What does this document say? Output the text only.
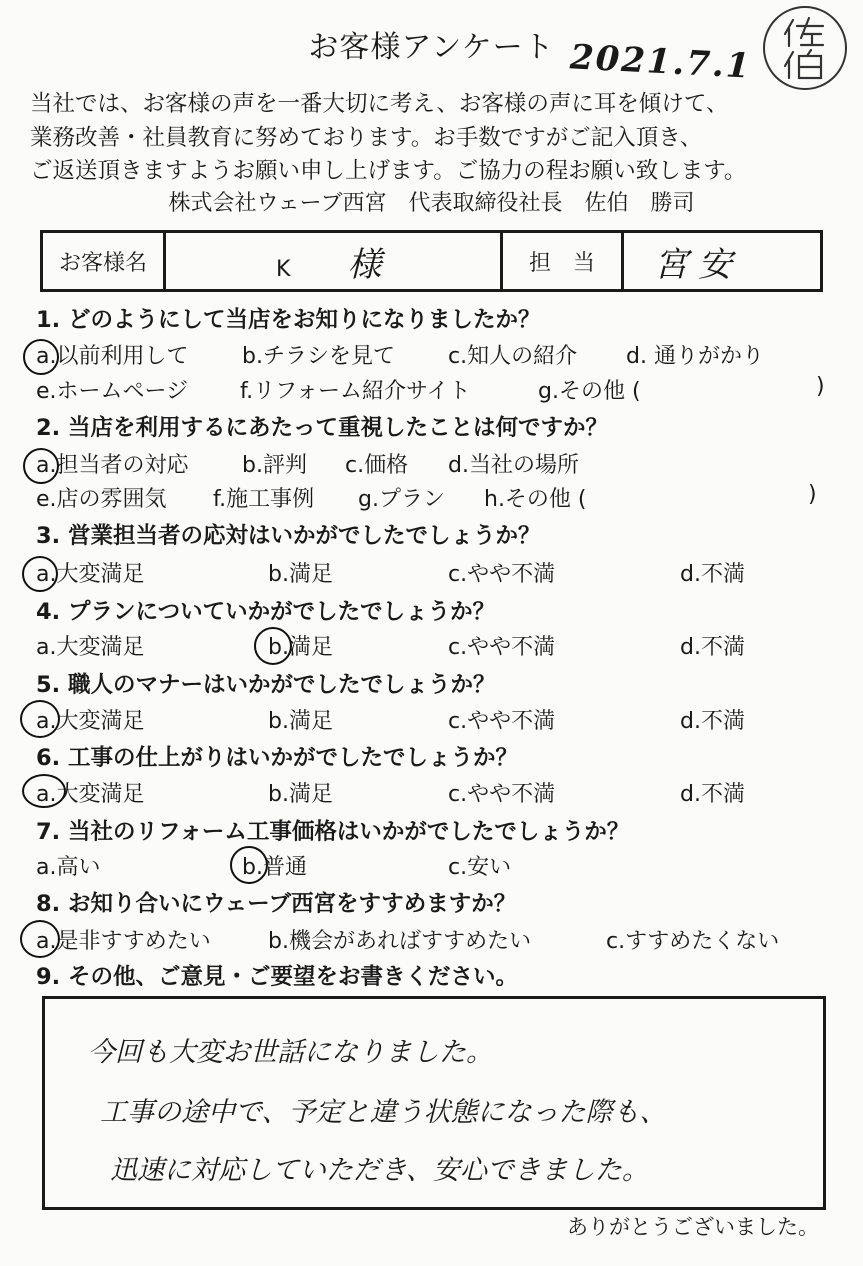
お客様アンケート 2021.7.1
当社では、お客様の声を一番大切に考え、お客様の声に耳を傾けて、
業務改善・社員教育に努めております。お手数ですがご記入頂き、
ご返送頂きますようお願い申し上げます。ご協力の程お願い致します。
株式会社ウェーブ西宮　代表取締役社長　佐伯　勝司
お客様名	K 様	担　当	宮安
1. どのようにして当店をお知りになりましたか？
a.以前利用して b.チラシを見て c.知人の紹介 d. 通りがかり
e.ホームページ f.リフォーム紹介サイト	g.その他 (	)
2. 当店を利用するにあたって重視したことは何ですか？
a.担当者の対応 b.評判 c.価格 d.当社の場所
e.店の雰囲気 f.施工事例 g.プラン h.その他 (	)
3. 営業担当者の応対はいかがでしたでしょうか？
a.大変満足	b.満足	c.やや不満	d.不満
4. プランについていかがでしたでしょうか？
a.大変満足	b.満足	c.やや不満	d.不満
5. 職人のマナーはいかがでしたでしょうか？
a.大変満足	b.満足	c.やや不満	d.不満
6. 工事の仕上がりはいかがでしたでしょうか？
a.大変満足	b.満足	c.やや不満	d.不満
7. 当社のリフォーム工事価格はいかがでしたでしょうか？
a.高い	b.普通	c.安い
8. お知り合いにウェーブ西宮をすすめますか？
a.是非すすめたい	b.機会があればすすめたい	c.すすめたくない
9. その他、ご意見・ご要望をお書きください。
今回も大変お世話になりました。
工事の途中で、予定と違う状態になった際も、
迅速に対応していただき、安心できました。
ありがとうございました。
